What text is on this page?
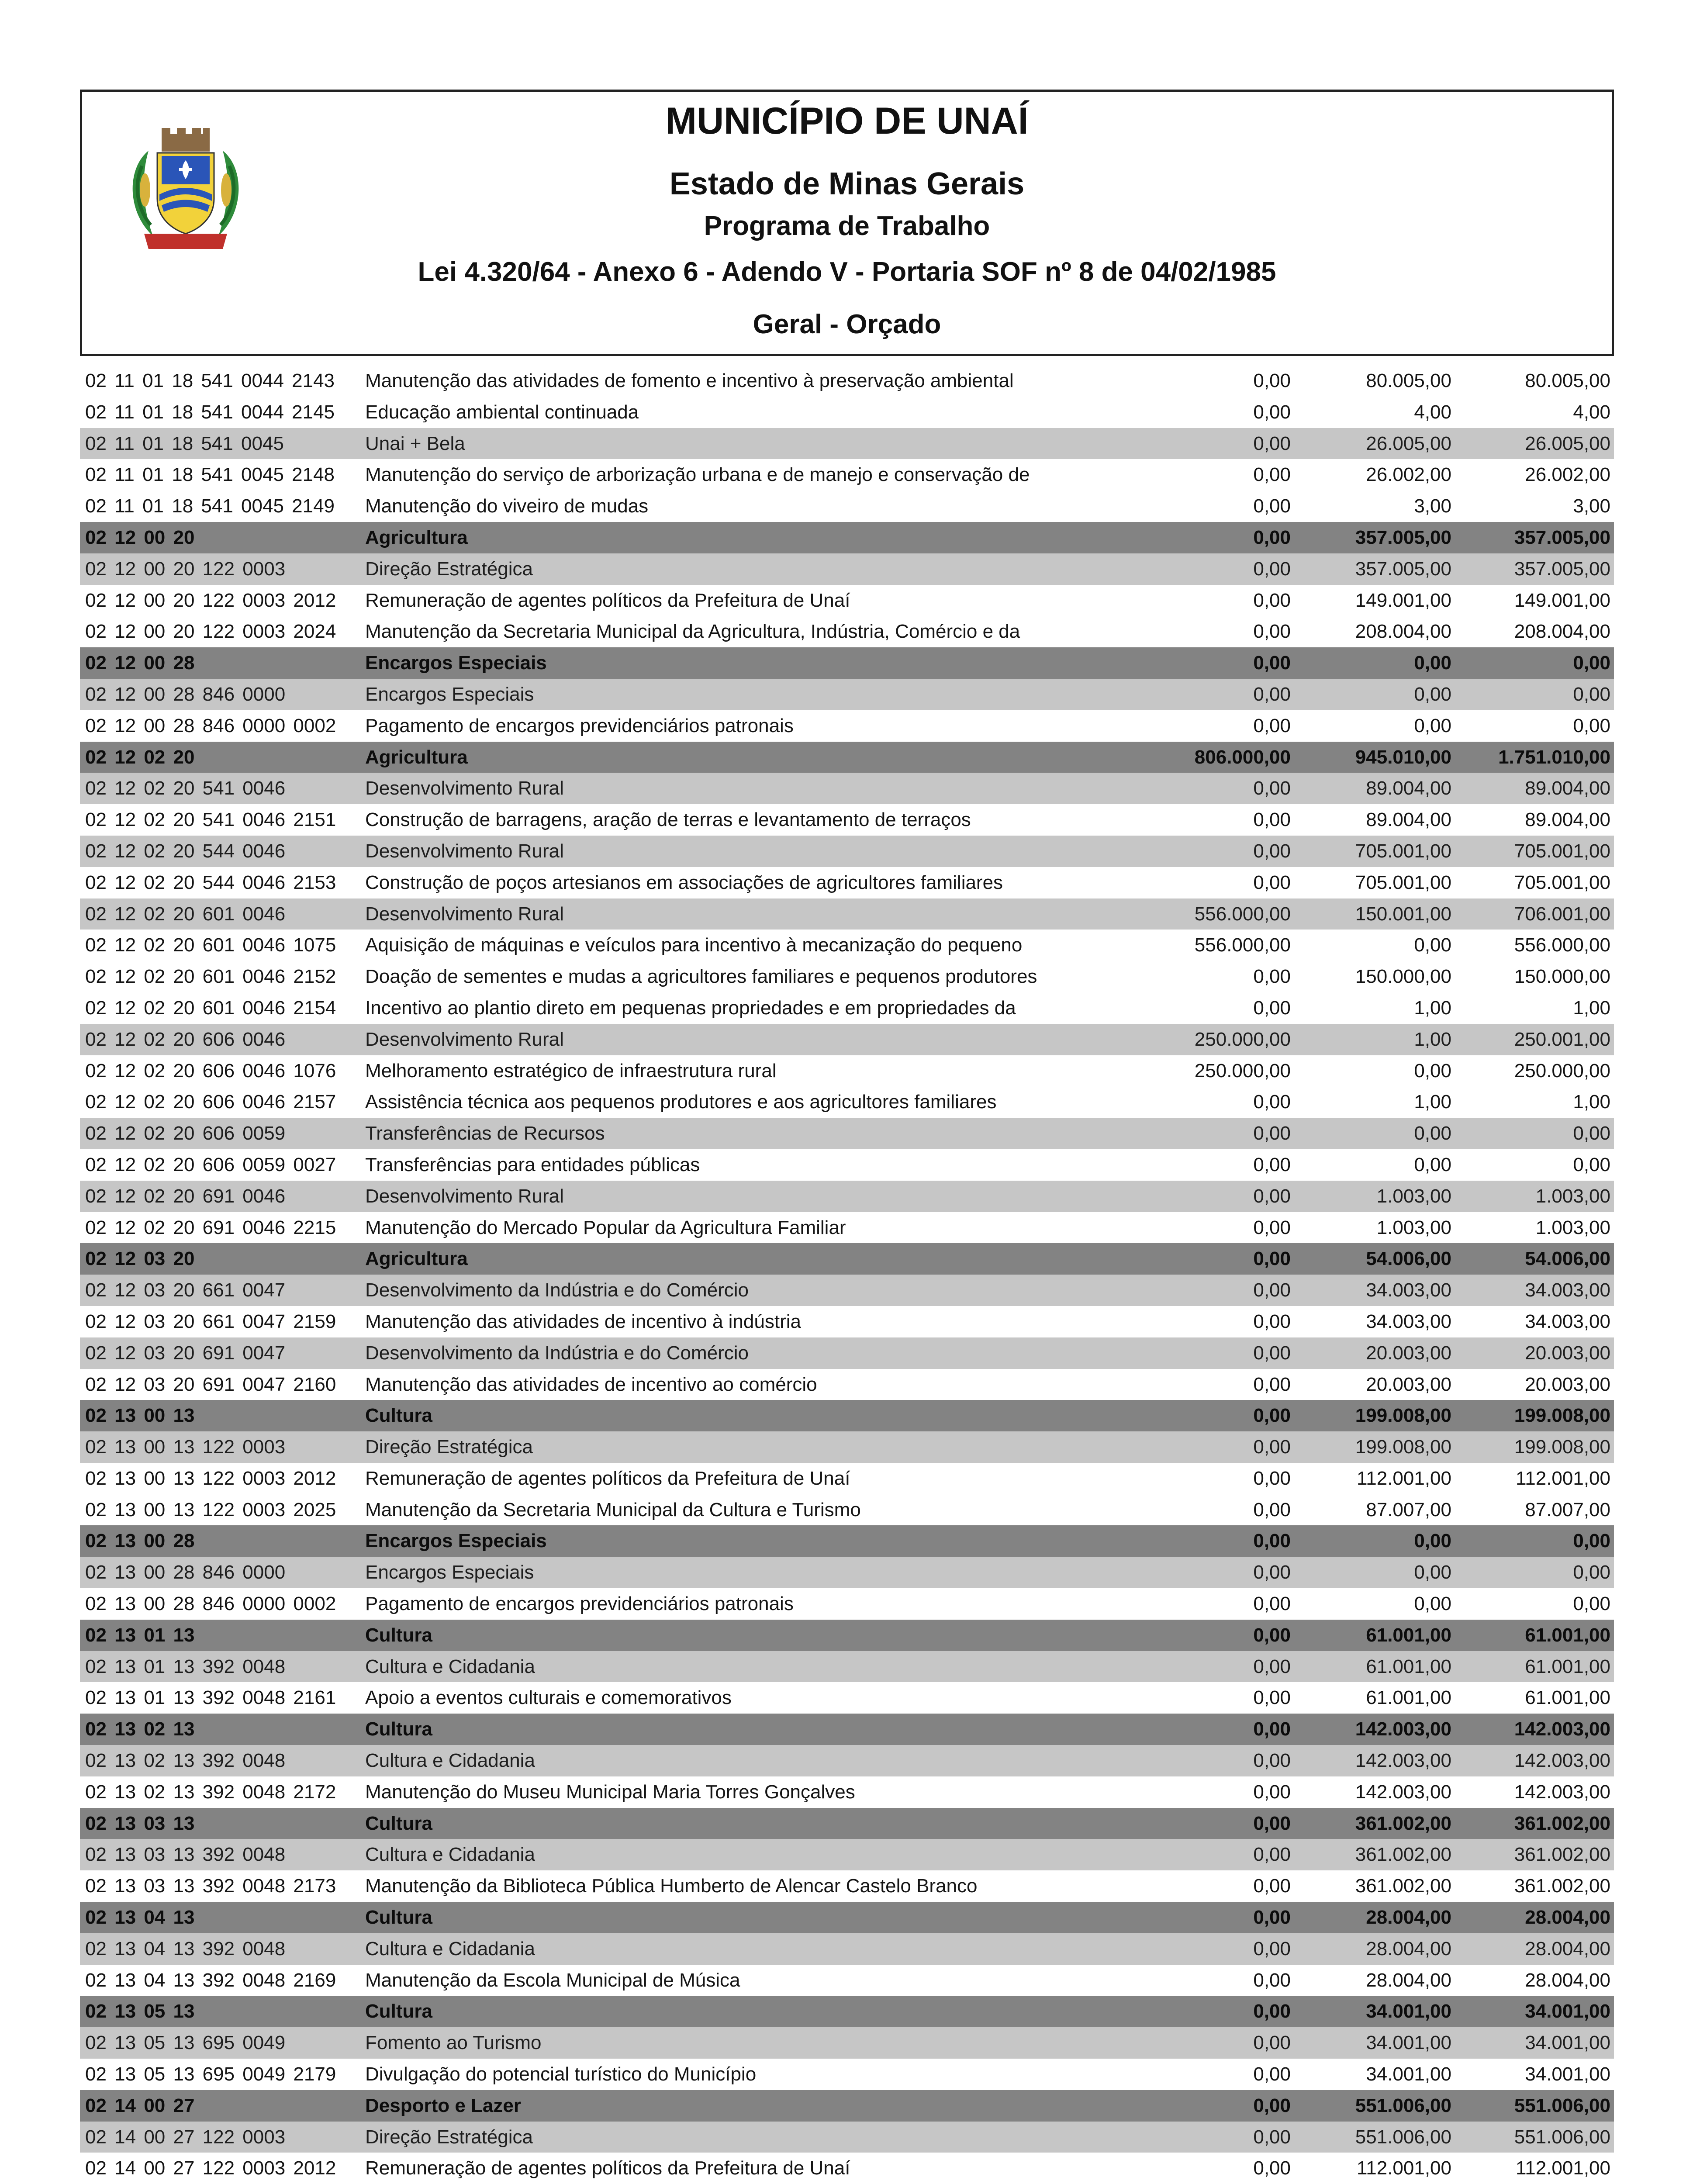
MUNICÍPIO DE UNAÍ
Estado de Minas Gerais
Programa de Trabalho
Lei 4.320/64 - Anexo 6 - Adendo V - Portaria SOF nº 8 de 04/02/1985
Geral - Orçado
02 11 01 18 541 0044 2143 Manutenção das atividades de fomento e incentivo à preservação ambiental	0,00	80.005,00	80.005,00
02 11 01 18 541 0044 2145 Educação ambiental continuada	0,00	4,00	4,00
02 11 01 18 541 0045	Unai + Bela	0,00	26.005,00	26.005,00
02 11 01 18 541 0045 2148 Manutenção do serviço de arborização urbana e de manejo e conservação de	0,00	26.002,00	26.002,00
02 11 01 18 541 0045 2149 Manutenção do viveiro de mudas	0,00	3,00	3,00
02 12 00 20	Agricultura	0,00	357.005,00	357.005,00
02 12 00 20 122 0003	Direção Estratégica	0,00	357.005,00	357.005,00
02 12 00 20 122 0003 2012 Remuneração de agentes políticos da Prefeitura de Unaí	0,00	149.001,00	149.001,00
02 12 00 20 122 0003 2024 Manutenção da Secretaria Municipal da Agricultura, Indústria, Comércio e da	0,00	208.004,00	208.004,00
02 12 00 28	Encargos Especiais	0,00	0,00	0,00
02 12 00 28 846 0000	Encargos Especiais	0,00	0,00	0,00
02 12 00 28 846 0000 0002 Pagamento de encargos previdenciários patronais	0,00	0,00	0,00
02 12 02 20	Agricultura	806.000,00	945.010,00 1.751.010,00
02 12 02 20 541 0046	Desenvolvimento Rural	0,00	89.004,00	89.004,00
02 12 02 20 541 0046 2151 Construção de barragens, aração de terras e levantamento de terraços	0,00	89.004,00	89.004,00
02 12 02 20 544 0046	Desenvolvimento Rural	0,00	705.001,00	705.001,00
02 12 02 20 544 0046 2153 Construção de poços artesianos em associações de agricultores familiares	0,00	705.001,00	705.001,00
02 12 02 20 601 0046	Desenvolvimento Rural	556.000,00	150.001,00	706.001,00
02 12 02 20 601 0046 1075 Aquisição de máquinas e veículos para incentivo à mecanização do pequeno	556.000,00	0,00	556.000,00
02 12 02 20 601 0046 2152 Doação de sementes e mudas a agricultores familiares e pequenos produtores	0,00	150.000,00	150.000,00
02 12 02 20 601 0046 2154 Incentivo ao plantio direto em pequenas propriedades e em propriedades da	0,00	1,00	1,00
02 12 02 20 606 0046	Desenvolvimento Rural	250.000,00	1,00	250.001,00
02 12 02 20 606 0046 1076 Melhoramento estratégico de infraestrutura rural	250.000,00	0,00	250.000,00
02 12 02 20 606 0046 2157 Assistência técnica aos pequenos produtores e aos agricultores familiares	0,00	1,00	1,00
02 12 02 20 606 0059	Transferências de Recursos	0,00	0,00	0,00
02 12 02 20 606 0059 0027 Transferências para entidades públicas	0,00	0,00	0,00
02 12 02 20 691 0046	Desenvolvimento Rural	0,00	1.003,00	1.003,00
02 12 02 20 691 0046 2215 Manutenção do Mercado Popular da Agricultura Familiar	0,00	1.003,00	1.003,00
02 12 03 20	Agricultura	0,00	54.006,00	54.006,00
02 12 03 20 661 0047	Desenvolvimento da Indústria e do Comércio	0,00	34.003,00	34.003,00
02 12 03 20 661 0047 2159 Manutenção das atividades de incentivo à indústria	0,00	34.003,00	34.003,00
02 12 03 20 691 0047	Desenvolvimento da Indústria e do Comércio	0,00	20.003,00	20.003,00
02 12 03 20 691 0047 2160 Manutenção das atividades de incentivo ao comércio	0,00	20.003,00	20.003,00
02 13 00 13	Cultura	0,00	199.008,00	199.008,00
02 13 00 13 122 0003	Direção Estratégica	0,00	199.008,00	199.008,00
02 13 00 13 122 0003 2012 Remuneração de agentes políticos da Prefeitura de Unaí	0,00	112.001,00	112.001,00
02 13 00 13 122 0003 2025 Manutenção da Secretaria Municipal da Cultura e Turismo	0,00	87.007,00	87.007,00
02 13 00 28	Encargos Especiais	0,00	0,00	0,00
02 13 00 28 846 0000	Encargos Especiais	0,00	0,00	0,00
02 13 00 28 846 0000 0002 Pagamento de encargos previdenciários patronais	0,00	0,00	0,00
02 13 01 13	Cultura	0,00	61.001,00	61.001,00
02 13 01 13 392 0048	Cultura e Cidadania	0,00	61.001,00	61.001,00
02 13 01 13 392 0048 2161 Apoio a eventos culturais e comemorativos	0,00	61.001,00	61.001,00
02 13 02 13	Cultura	0,00	142.003,00	142.003,00
02 13 02 13 392 0048	Cultura e Cidadania	0,00	142.003,00	142.003,00
02 13 02 13 392 0048 2172 Manutenção do Museu Municipal Maria Torres Gonçalves	0,00	142.003,00	142.003,00
02 13 03 13	Cultura	0,00	361.002,00	361.002,00
02 13 03 13 392 0048	Cultura e Cidadania	0,00	361.002,00	361.002,00
02 13 03 13 392 0048 2173 Manutenção da Biblioteca Pública Humberto de Alencar Castelo Branco	0,00	361.002,00	361.002,00
02 13 04 13	Cultura	0,00	28.004,00	28.004,00
02 13 04 13 392 0048	Cultura e Cidadania	0,00	28.004,00	28.004,00
02 13 04 13 392 0048 2169 Manutenção da Escola Municipal de Música	0,00	28.004,00	28.004,00
02 13 05 13	Cultura	0,00	34.001,00	34.001,00
02 13 05 13 695 0049	Fomento ao Turismo	0,00	34.001,00	34.001,00
02 13 05 13 695 0049 2179 Divulgação do potencial turístico do Município	0,00	34.001,00	34.001,00
02 14 00 27	Desporto e Lazer	0,00	551.006,00	551.006,00
02 14 00 27 122 0003	Direção Estratégica	0,00	551.006,00	551.006,00
02 14 00 27 122 0003 2012 Remuneração de agentes políticos da Prefeitura de Unaí	0,00	112.001,00	112.001,00
